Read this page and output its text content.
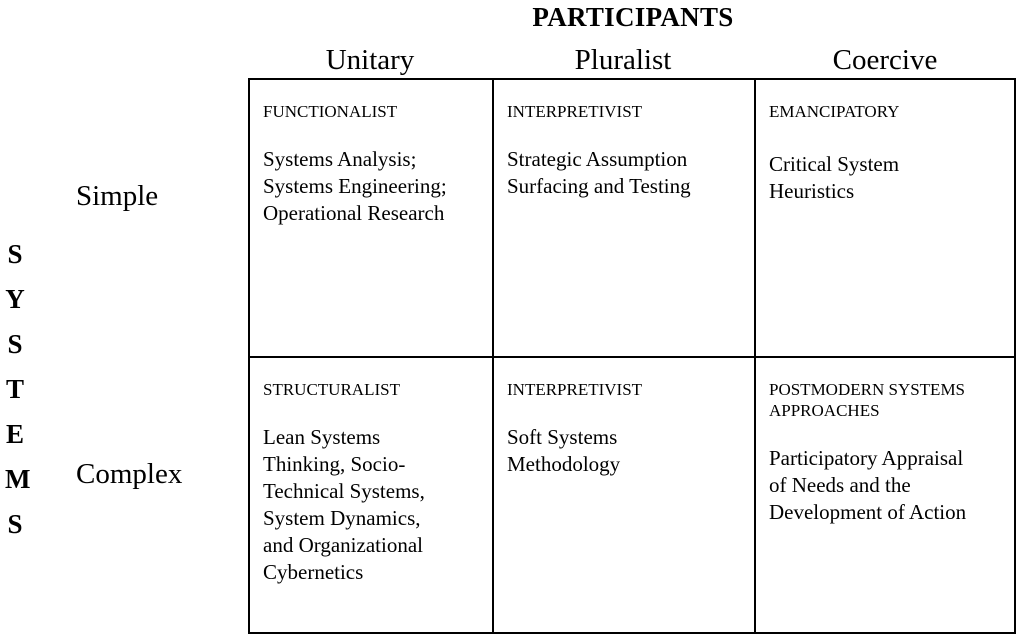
PARTICIPANTS
Unitary	Pluralist	Coercive
Simple
Complex
S
Y
S
T
E
M
S
FUNCTIONALIST
Systems Analysis;
Systems Engineering;
Operational Research
INTERPRETIVIST
Strategic Assumption
Surfacing and Testing
EMANCIPATORY
Critical System
Heuristics
STRUCTURALIST
Lean Systems
Thinking, Socio-
Technical Systems,
System Dynamics,
and Organizational
Cybernetics
INTERPRETIVIST
Soft Systems
Methodology
POSTMODERN SYSTEMS
APPROACHES
Participatory Appraisal
of Needs and the
Development of Action
